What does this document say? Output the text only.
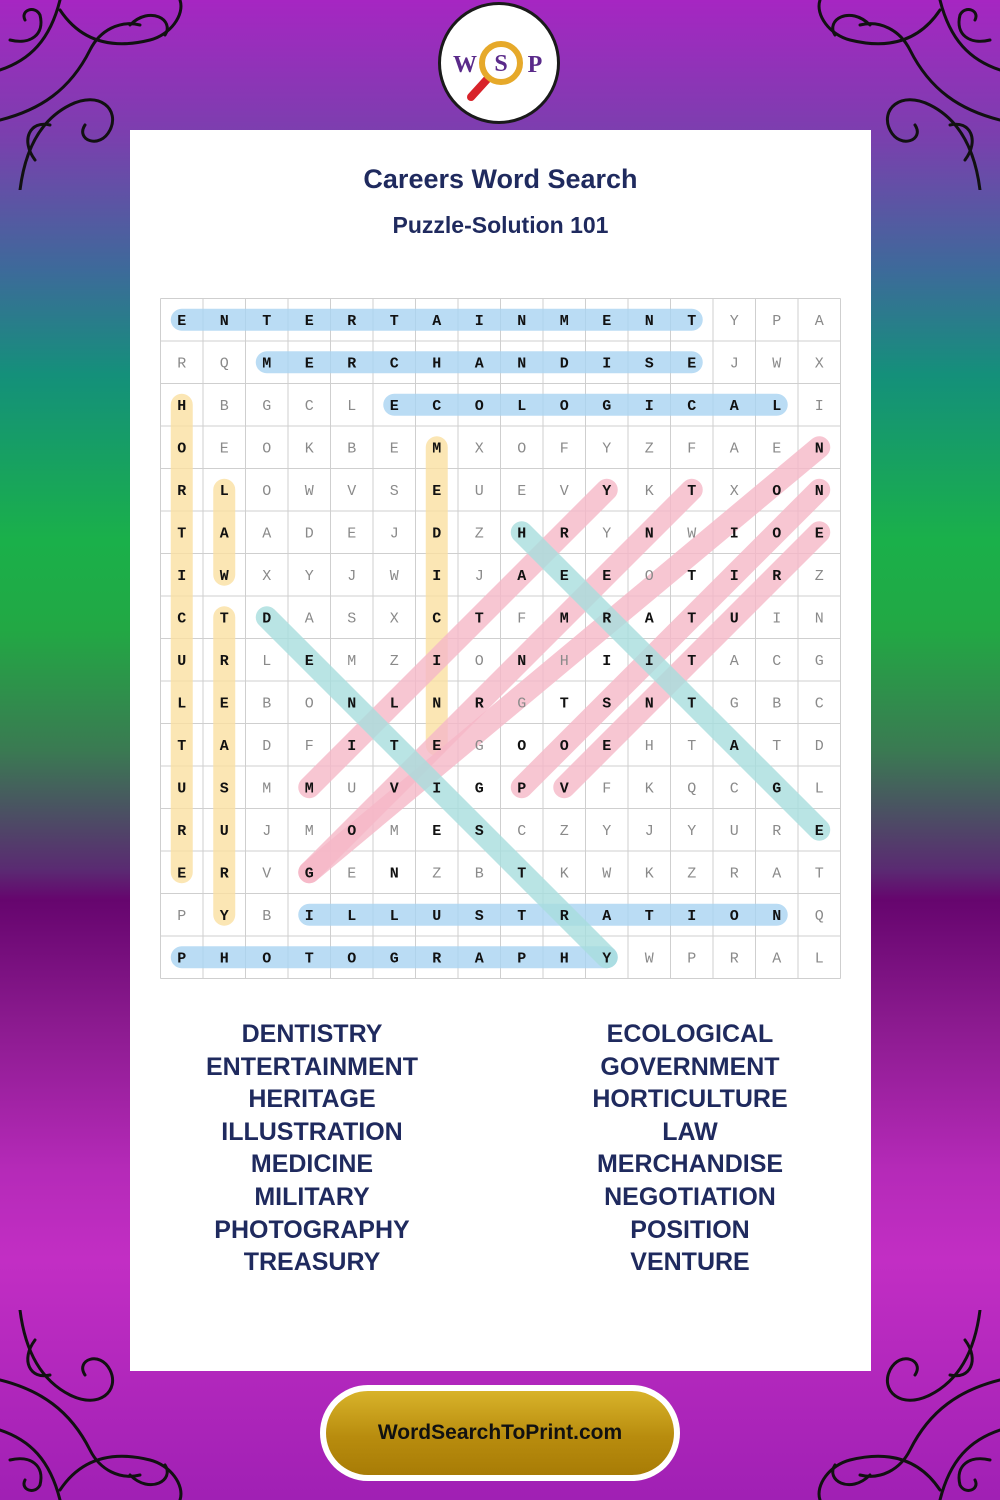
W S P
Careers Word Search
Puzzle-Solution 101
E N T E R T A I N M E N T Y P A
R Q M E R C H A N D I S E J W X
H B G C L E C O L O G I C A L I
O E O K B E M X O F Y Z F A E N
R L O W V S E U E V Y K T X O N
T A A D E J D Z H R Y N W I O E
I W X Y J W I J A E E O T I R Z
C T D A S X C T F M R A T U I N
U R L E M Z I O N H I I T A C G
L E B O N L N R G T S N T G B C
T A D F I T E G O O E H T A T D
U S M M U V I G P V F K Q C G L
R U J M O M E S C Z Y J Y U R E
E R V G E N Z B T K W K Z R A T
P Y B I L L U S T R A T I O N Q
P H O T O G R A P H Y W P R A L
DENTISTRY
ENTERTAINMENT
HERITAGE
ILLUSTRATION
MEDICINE
MILITARY
PHOTOGRAPHY
TREASURY
ECOLOGICAL
GOVERNMENT
HORTICULTURE
LAW
MERCHANDISE
NEGOTIATION
POSITION
VENTURE
WordSearchToPrint.com
